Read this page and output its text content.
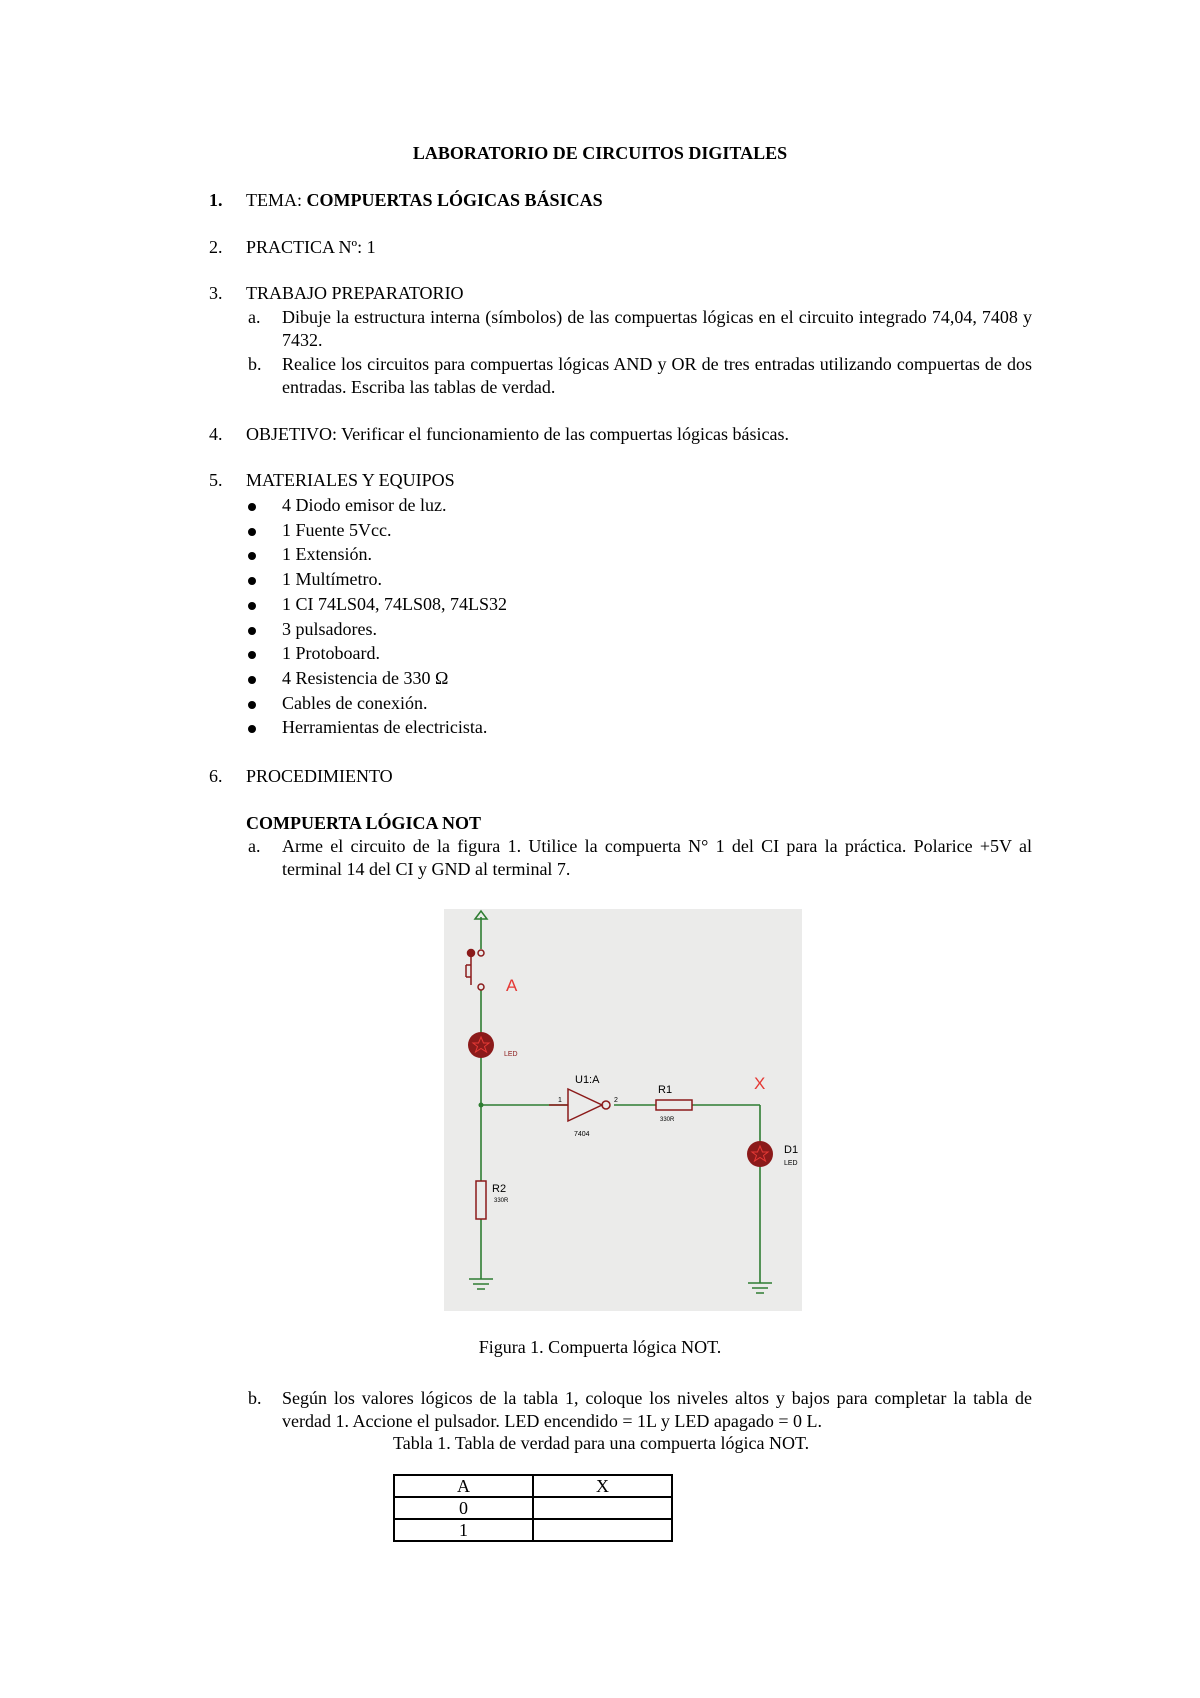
LABORATORIO DE CIRCUITOS DIGITALES
1. TEMA: COMPUERTAS LÓGICAS BÁSICAS
2. PRACTICA Nº: 1
3. TRABAJO PREPARATORIO
a. Dibuje la estructura interna (símbolos) de las compuertas lógicas en el circuito integrado 74,04, 7408 y 7432.
b. Realice los circuitos para compuertas lógicas AND y OR de tres entradas utilizando compuertas de dos entradas. Escriba las tablas de verdad.
4. OBJETIVO: Verificar el funcionamiento de las compuertas lógicas básicas.
5. MATERIALES Y EQUIPOS
4 Diodo emisor de luz.
1 Fuente 5Vcc.
1 Extensión.
1 Multímetro.
1 CI 74LS04, 74LS08, 74LS32
3 pulsadores.
1 Protoboard.
4 Resistencia de 330 Ω
Cables de conexión.
Herramientas de electricista.
6. PROCEDIMIENTO
COMPUERTA LÓGICA NOT
a. Arme el circuito de la figura 1. Utilice la compuerta N° 1 del CI para la práctica. Polarice +5V al terminal 14 del CI y GND al terminal 7.
A
LED
U1:A
7404
1	2
R1
330R
X
D1
LED
R2
330R
Figura 1. Compuerta lógica NOT.
b. Según los valores lógicos de la tabla 1, coloque los niveles altos y bajos para completar la tabla de verdad 1. Accione el pulsador. LED encendido = 1L y LED apagado = 0 L.
Tabla 1. Tabla de verdad para una compuerta lógica NOT.
A	X
0	
1	
